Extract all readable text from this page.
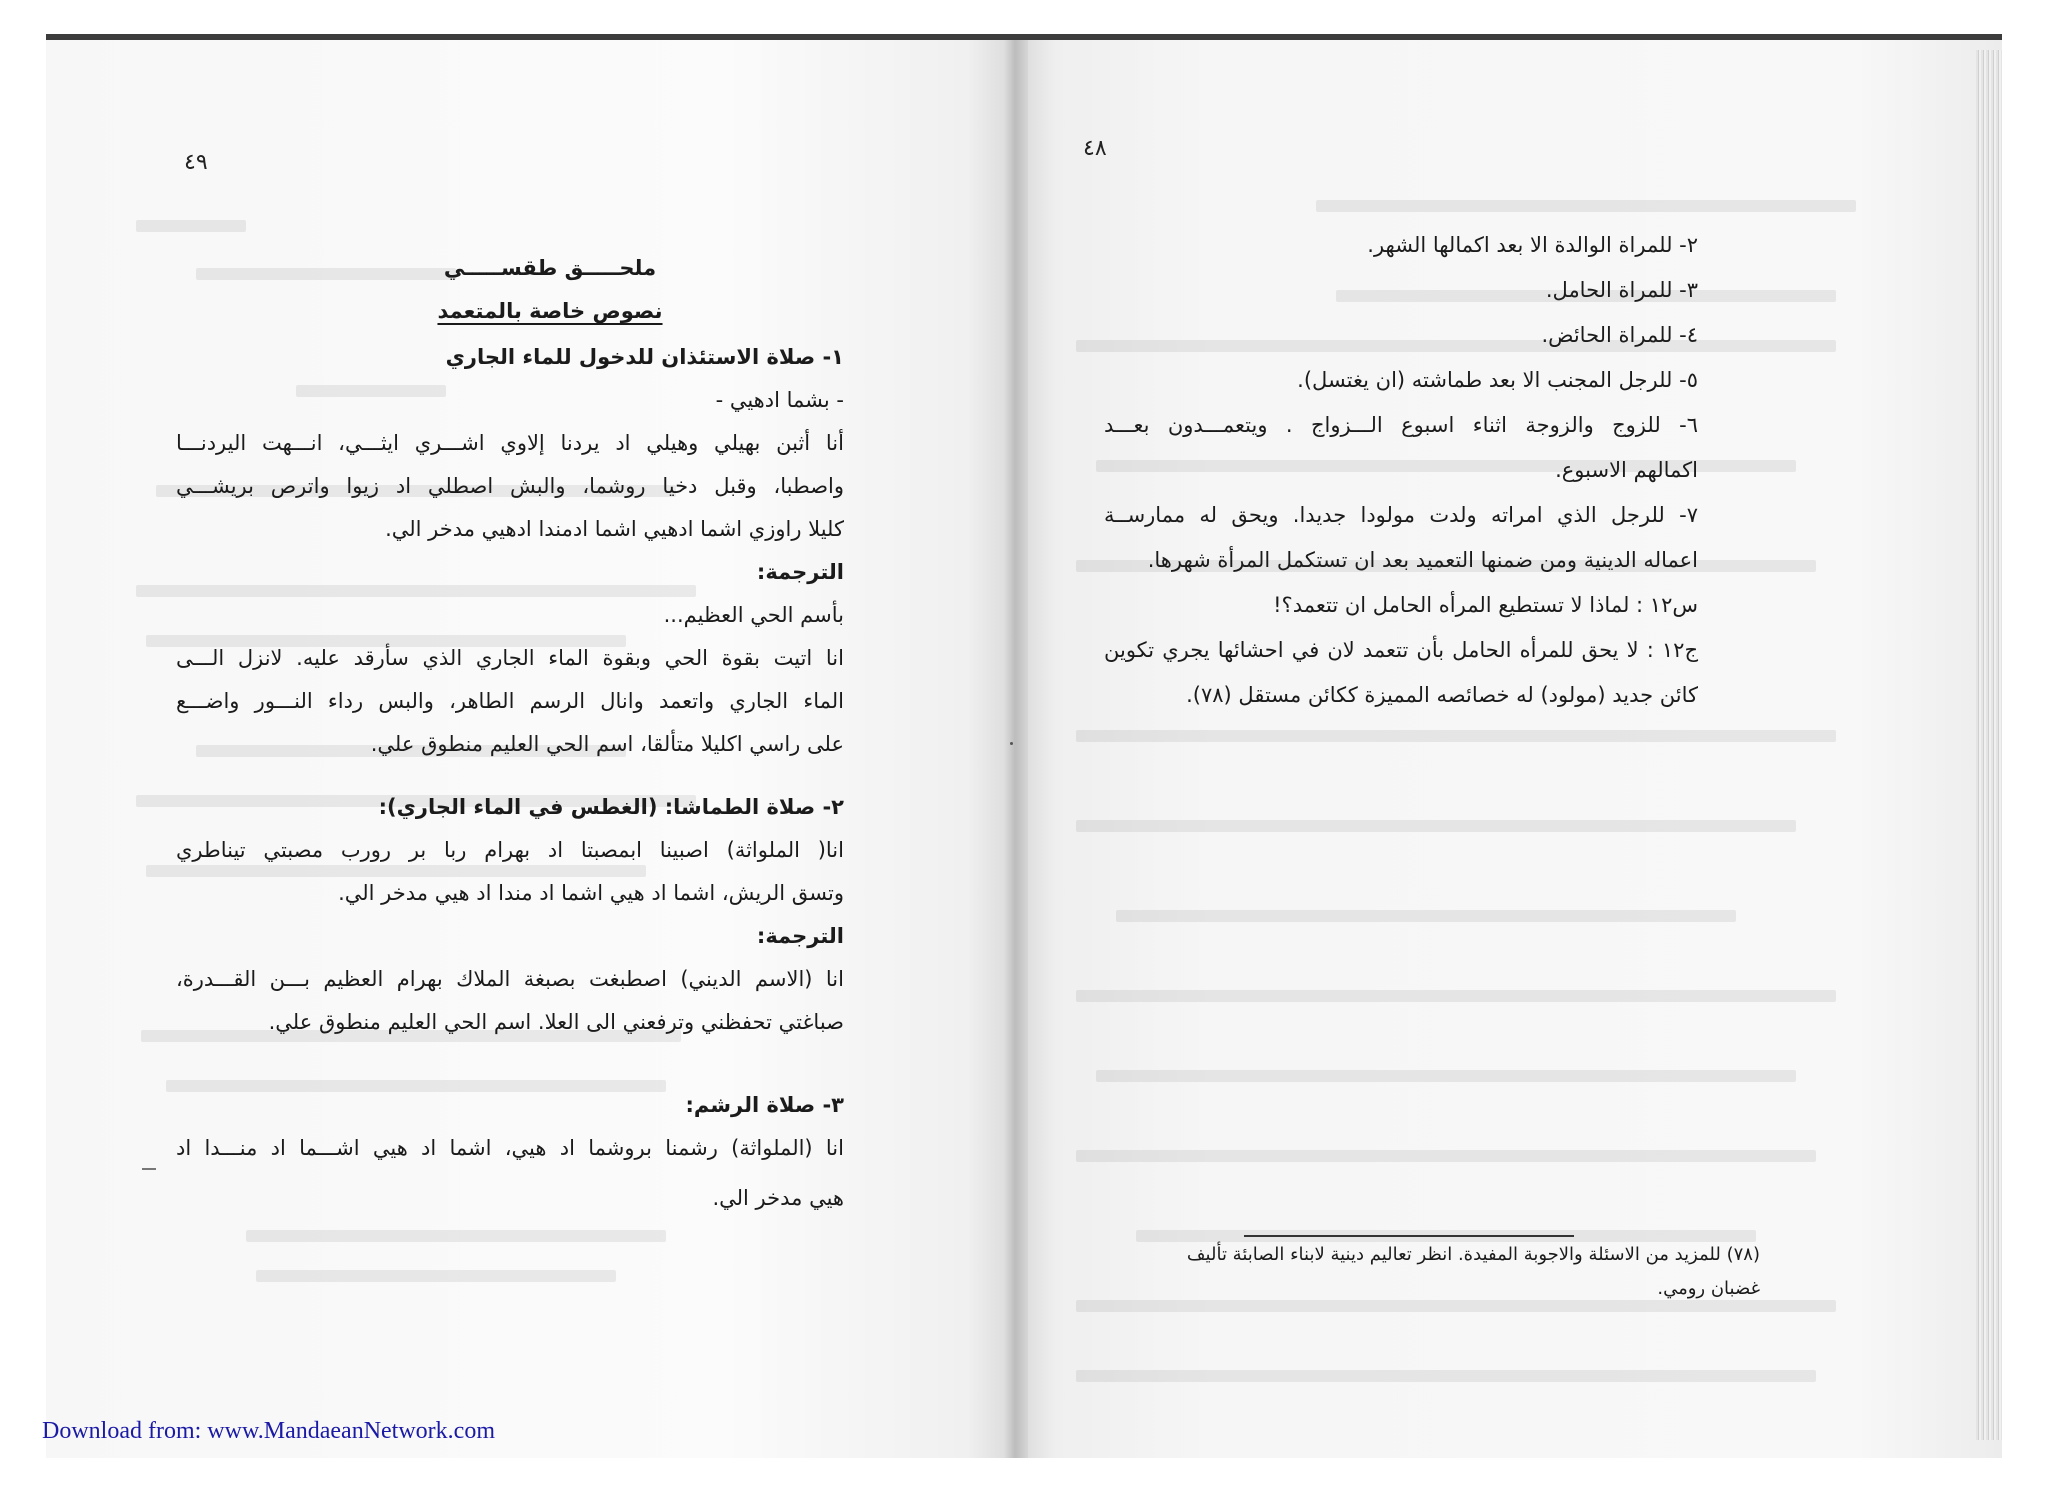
٤٩
ملحـــــق طقســـــي
نصوص خاصة بالمتعمد
١- صلاة الاستئذان للدخول للماء الجاري
- بشما ادهيي -
أنا أثبن بهيلي وهيلي اد يردنا إلاوي اشـــري ايثـــي، انـــهت اليردنـــا
واصطبا، وقبل دخيا روشما، والبش اصطلي اد زيوا واترص بريشـــي
كليلا راوزي اشما ادهيي اشما ادمندا ادهيي مدخر الي.
الترجمة:
بأسم الحي العظيم...
انا اتيت بقوة الحي وبقوة الماء الجاري الذي سأرقد عليه. لانزل الـــى
الماء الجاري واتعمد وانال الرسم الطاهر، والبس رداء النـــور واضـــع
على راسي اكليلا متألقا، اسم الحي العليم منطوق علي.
٢- صلاة الطماشا: (الغطس في الماء الجاري):
انا( الملواثة) اصبينا ابمصبتا اد بهرام ربا بر رورب مصبتي تيناطري
وتسق الريش، اشما اد هيي اشما اد مندا اد هيي مدخر الي.
الترجمة:
انا (الاسم الديني) اصطبغت بصبغة الملاك بهرام العظيم بـــن القـــدرة،
صباغتي تحفظني وترفعني الى العلا. اسم الحي العليم منطوق علي.
٣- صلاة الرشم:
انا (الملواثة) رشمنا بروشما اد هيي، اشما اد هيي اشـــما اد منـــدا اد
هيي مدخر الي.
٤٨
٢- للمراة الوالدة الا بعد اكمالها الشهر.
٣- للمراة الحامل.
٤- للمراة الحائض.
٥- للرجل المجنب الا بعد طماشته (ان يغتسل).
٦- للزوج والزوجة اثناء اسبوع الـــزواج . ويتعمـــدون بعـــد
اكمالهم الاسبوع.
٧- للرجل الذي امراته ولدت مولودا جديدا. ويحق له ممارســة
اعماله الدينية ومن ضمنها التعميد بعد ان تستكمل المرأة شهرها.
س١٢ : لماذا لا تستطيع المرأه الحامل ان تتعمد؟!
ج١٢ : لا يحق للمرأه الحامل بأن تتعمد لان في احشائها يجري تكوين
كائن جديد (مولود) له خصائصه المميزة ككائن مستقل (٧٨).
(٧٨) للمزيد من الاسئلة والاجوبة المفيدة. انظر تعاليم دينية لابناء الصابئة تأليف
غضبان رومي.
Download from: www.MandaeanNetwork.com
